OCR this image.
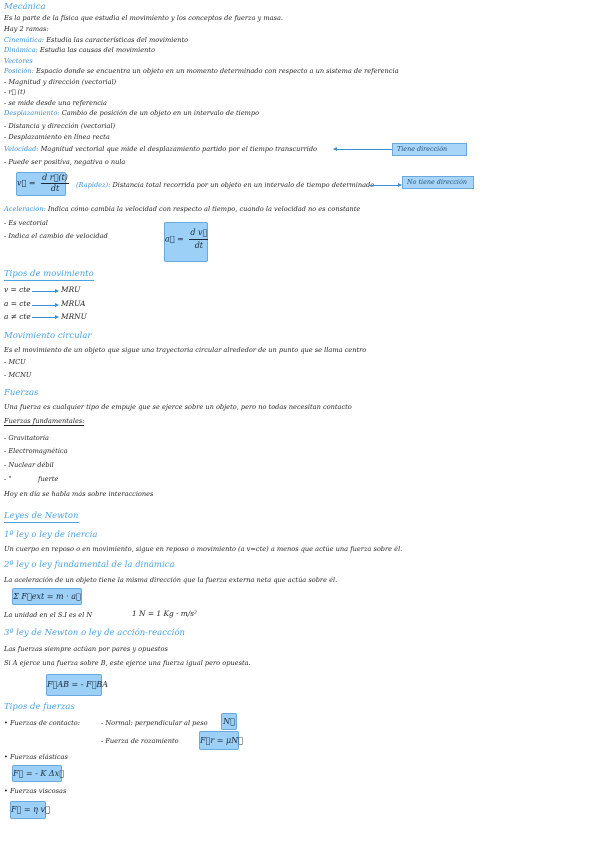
Mecánica
Es la parte de la física que estudia el movimiento y los conceptos de fuerza y masa.
Hay 2 ramas:
Cinemática: Estudia las características del movimiento
Dinámica: Estudia las causas del movimiento
Vectores
Posición: Espacio donde se encuentra un objeto en un momento determinado con respecto a un sistema de referencia
- Magnitud y dirección (vectorial)
- r⃗ (t)
- se mide desde una referencia
Desplazamiento: Cambio de posición de un objeto en un intervalo de tiempo
- Distancia y dirección (vectorial)
- Desplazamiento en línea recta
Velocidad: Magnitud vectorial que mide el desplazamiento partido por el tiempo transcurrido	Tiene dirección
- Puede ser positiva, negativa o nula
v⃗ = $\frac{\text{d r⃗(t)}}{dt}$ (Rapidez): Distancia total recorrida por un objeto en un intervalo de tiempo determinado	No tiene dirección
Aceleración: Indica cómo cambia la velocidad con respecto al tiempo, cuando la velocidad no es constante
- Es vectorial
- Indica el cambio de velocidad	a⃗ = $\frac{\text{d v⃗}}{dt}$
Tipos de movimiento
v = cte	MRU
a = cte	MRUA
a ≠ cte	MRNU
Movimiento circular
Es el movimiento de un objeto que sigue una trayectoria circular alrededor de un punto que se llama centro
- MCU
- MCNU
Fuerzas
Una fuerza es cualquier tipo de empuje que se ejerce sobre un objeto, pero no todas necesitan contacto
Fuerzas fundamentales:
- Gravitatoria
- Electromagnética
- Nuclear débil
- "	fuerte
Hoy en día se habla más sobre interacciones
Leyes de Newton
1ª ley o ley de inercia
Un cuerpo en reposo o en movimiento, sigue en reposo o movimiento (a v=cte) a menos que actúe una fuerza sobre él.
2ª ley o ley fundamental de la dinámica
La aceleración de un objeto tiene la misma dirección que la fuerza externa neta que actúa sobre él.
Σ F⃗ext = m · a⃗
La unidad en el S.I es el N	1 N = 1 Kg · m/s²
3ª ley de Newton o ley de acción-reacción
Las fuerzas siempre actúan por pares y opuestos
Si A ejerce una fuerza sobre B, este ejerce una fuerza igual pero opuesta.
F⃗AB = - F⃗BA
Tipos de fuerzas
• Fuerzas de contacto:	- Normal: perpendicular al peso N⃗
- Fuerza de rozamiento	F⃗r = μN⃗
• Fuerzas elásticas
F⃗ = - K Δx⃗
• Fuerzas viscosas
F⃗ = η v⃗
